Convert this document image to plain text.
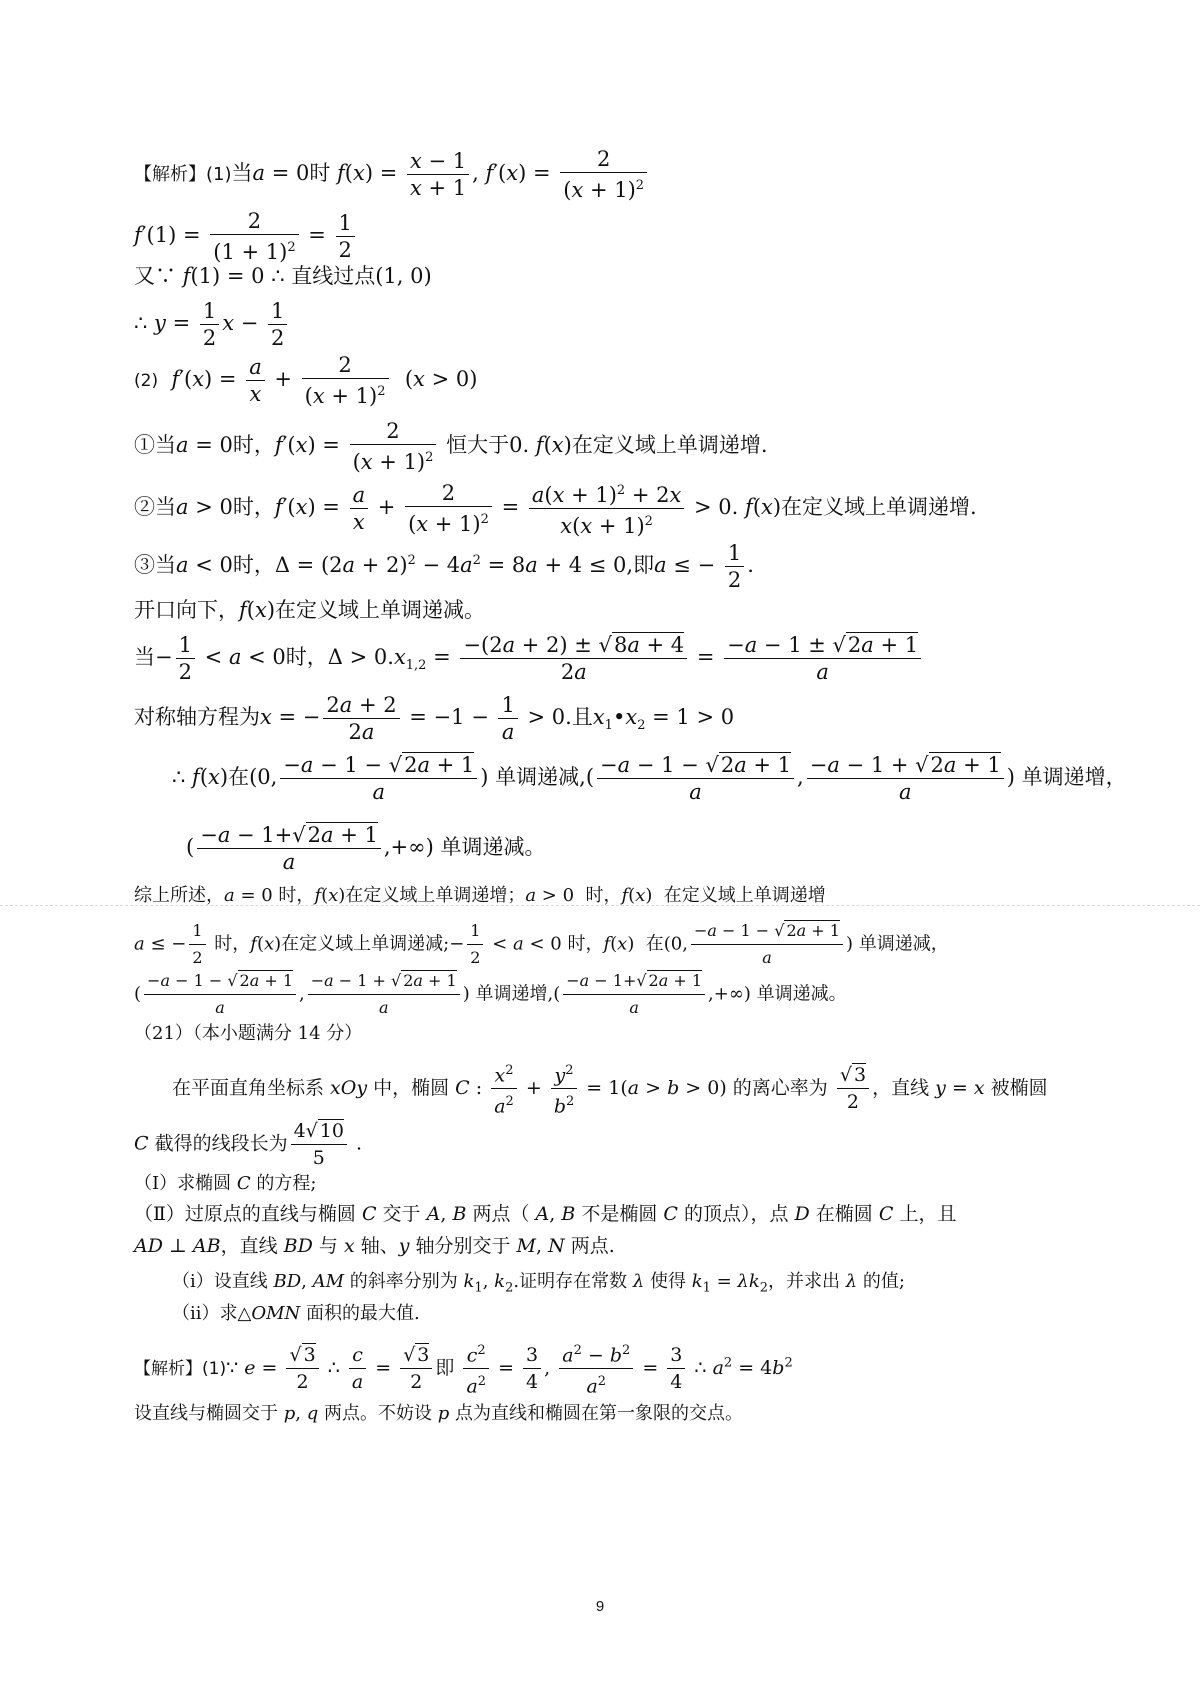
【解析】(1)当a = 0时 $f(x) = \frac{x - 1}{x + 1}$ , $f'(x) = \frac{2}{(x + 1)^2}$
$f'(1) = \frac{2}{(1 + 1)^2} = \frac{1}{2}$
又∵ f(1) = 0 ∴ 直线过点(1, 0)
∴ $y = \frac{1}{2}$ $x - \frac{1}{2}$
(2) $f'(x) = \frac{a}{x} + \frac{2}{(x + 1)^2} (x > 0)$
①当a = 0时，$f'(x) = \frac{2}{(x + 1)^2}$ 恒大于0. f(x)在定义域上单调递增.
②当a > 0时，$f'(x) = \frac{a}{x} + \frac{2}{(x + 1)^2} = \frac{a(x + 1)^2 + 2x}{x(x + 1)^2} > 0$. f(x)在定义域上单调递增.
③当a < 0时，$\Delta = (2a + 2)^2 - 4a^2 = 8a + 4 \le 0$,即a ≤ − $\frac{1}{2}$ .
开口向下，f(x)在定义域上单调递减。
当− $\frac{1}{2} < a < 0$时，$\Delta > 0.x_{1,2} = \frac{-(2a + 2) \pm √8a + 4}{2a} = \frac{-a - 1 \pm √2a + 1}{a}$
对称轴方程为x = − $\frac{2a + 2}{2a} = -1 - \frac{1}{a} > 0$.且$x_1•x_2 = 1 > 0$
∴ f(x)在(0, $\frac{-a - 1 - √2a + 1}{a}$ ) 单调递减,( $\frac{-a - 1 - √2a + 1}{a}$ , $\frac{-a - 1 + √2a + 1}{a}$ ) 单调递增，
( $\frac{-a - 1+√2a + 1}{a}$ ,+∞) 单调递减。
综上所述，a = 0 时，f(x)在定义域上单调递增；a > 0  时，f(x)  在定义域上单调递增
a ≤ − $\frac{1}{2}$ 时，f(x)在定义域上单调递减;− $\frac{1}{2} < a < 0$ 时，f(x)  在(0, $\frac{-a - 1 - √ 2a + 1}{a}$ ) 单调递减，
( $\frac{-a - 1 - √ 2a + 1}{a}$ , $\frac{-a - 1 + √ 2a + 1}{a}$ ) 单调递增,( $\frac{-a - 1+√ 2a + 1}{a}$ ,+∞) 单调递减。
（21）（本小题满分 14 分）
在平面直角坐标系 xOy 中，椭圆 C : $\frac{x^2}{a^2} + \frac{y^2}{b^2} = 1(a > b > 0)$ 的离心率为 $\frac{√ 3}{2}$ ，直线 y = x 被椭圆
C 截得的线段长为 $\frac{4√ 10}{5}$ .
（Ⅰ）求椭圆 C 的方程;
（Ⅱ）过原点的直线与椭圆 C 交于 A, B 两点（ A, B 不是椭圆 C 的顶点），点 D 在椭圆 C 上，且
AD ⊥ AB，直线 BD 与 x 轴、y 轴分别交于 M, N 两点.
（i）设直线 BD, AM 的斜率分别为 $k_1$, $k_2$.证明存在常数 λ 使得 $k_1 = \lambda k_2$，并求出 λ 的值;
（ii）求△OMN 面积的最大值.
【解析】(1)∵ $e = \frac{√ 3}{2}$ ∴ $\frac{c}{a} = \frac{√ 3}{2}$ 即 $\frac{c^2}{a^2} = \frac{3}{4}$ , $\frac{a^2 - b^2}{a^2} = \frac{3}{4}$ ∴ $a^2 = 4b^2$
设直线与椭圆交于 p, q 两点。不妨设 p 点为直线和椭圆在第一象限的交点。
9
